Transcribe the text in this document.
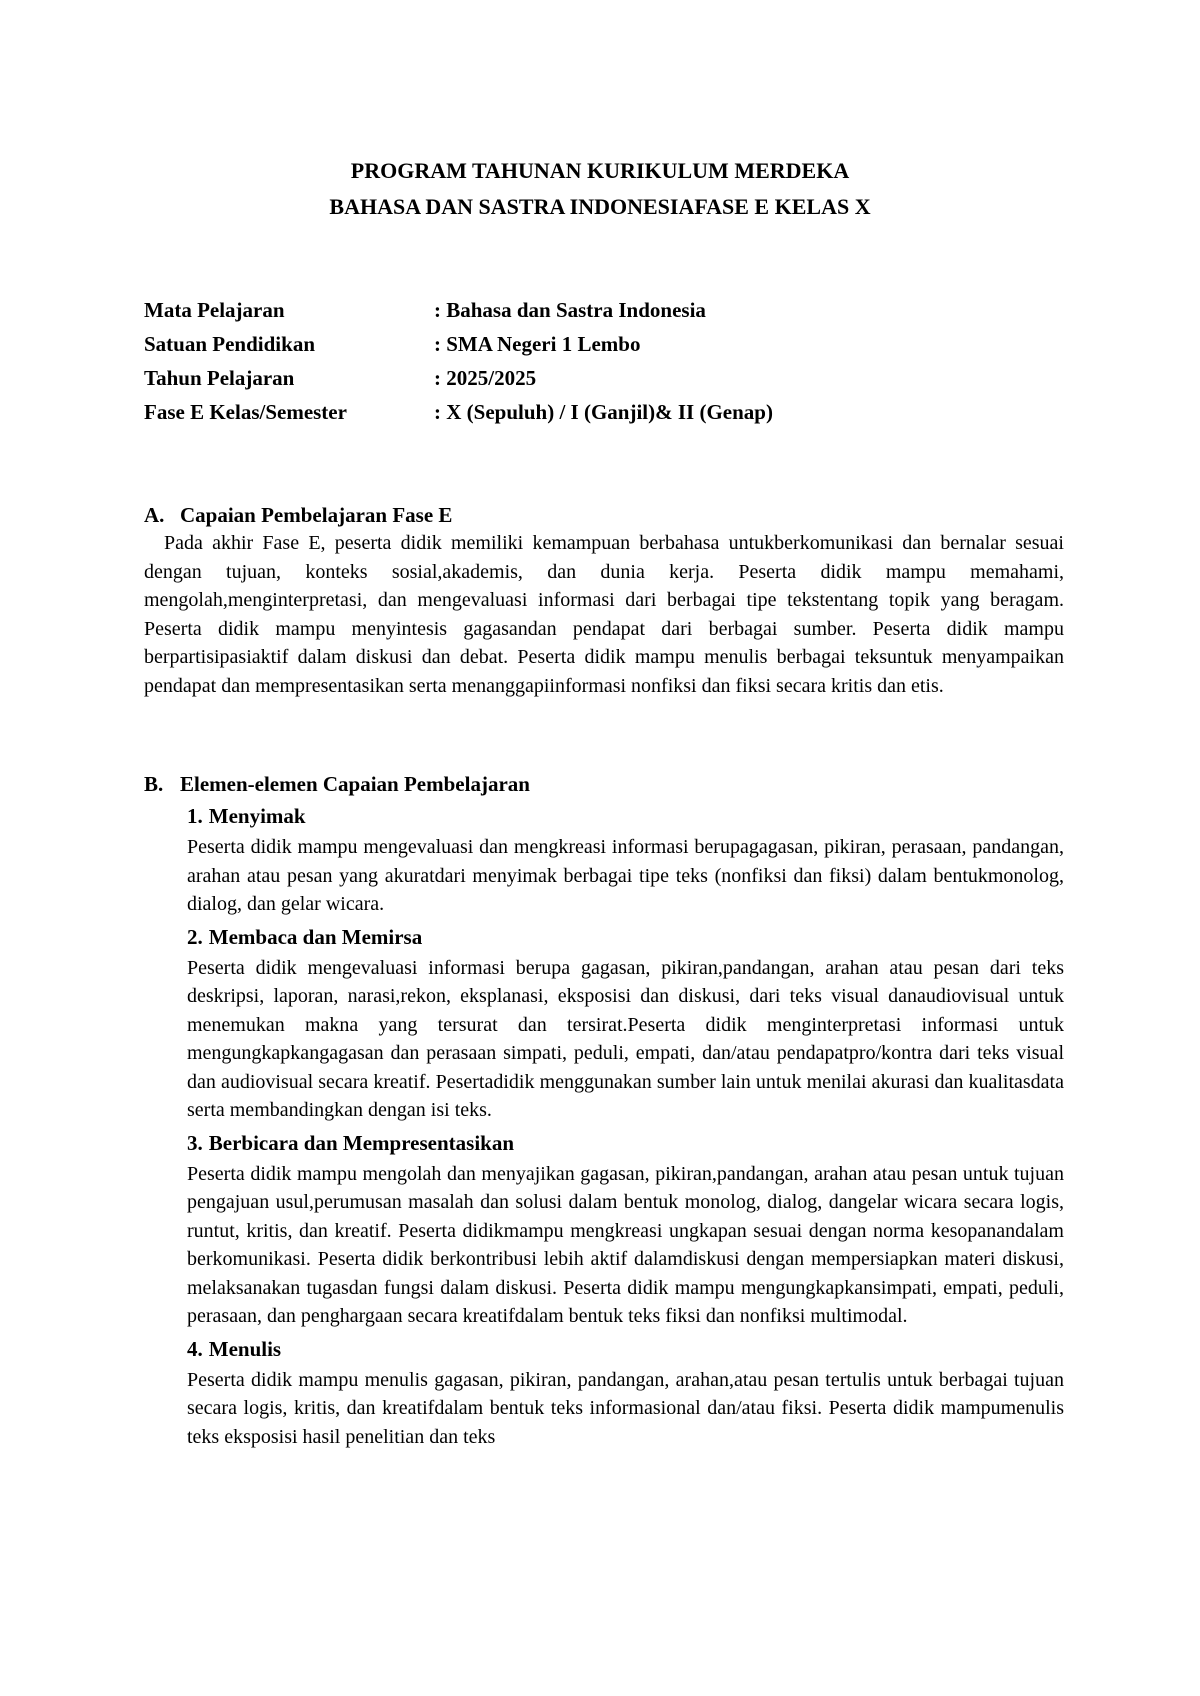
PROGRAM TAHUNAN KURIKULUM MERDEKA
BAHASA DAN SASTRA INDONESIAFASE E KELAS X
Mata Pelajaran	: Bahasa dan Sastra Indonesia
Satuan Pendidikan	: SMA Negeri 1 Lembo
Tahun Pelajaran	: 2025/2025
Fase E Kelas/Semester	: X (Sepuluh) / I (Ganjil)& II (Genap)
A. Capaian Pembelajaran Fase E

Pada akhir Fase E, peserta didik memiliki kemampuan berbahasa untukberkomunikasi dan bernalar sesuai dengan tujuan, konteks sosial,akademis, dan dunia kerja. Peserta didik mampu memahami, mengolah,menginterpretasi, dan mengevaluasi informasi dari berbagai tipe tekstentang topik yang beragam. Peserta didik mampu menyintesis gagasandan pendapat dari berbagai sumber. Peserta didik mampu berpartisipasiaktif dalam diskusi dan debat. Peserta didik mampu menulis berbagai teksuntuk menyampaikan pendapat dan mempresentasikan serta menanggapiinformasi nonfiksi dan fiksi secara kritis dan etis.

B. Elemen-elemen Capaian Pembelajaran
1. Menyimak

Peserta didik mampu mengevaluasi dan mengkreasi informasi berupagagasan, pikiran, perasaan, pandangan, arahan atau pesan yang akuratdari menyimak berbagai tipe teks (nonfiksi dan fiksi) dalam bentukmonolog, dialog, dan gelar wicara.

2. Membaca dan Memirsa

Peserta didik mengevaluasi informasi berupa gagasan, pikiran,pandangan, arahan atau pesan dari teks deskripsi, laporan, narasi,rekon, eksplanasi, eksposisi dan diskusi, dari teks visual danaudiovisual untuk menemukan makna yang tersurat dan tersirat.Peserta didik menginterpretasi informasi untuk mengungkapkangagasan dan perasaan simpati, peduli, empati, dan/atau pendapatpro/kontra dari teks visual dan audiovisual secara kreatif. Pesertadidik menggunakan sumber lain untuk menilai akurasi dan kualitasdata serta membandingkan dengan isi teks.

3. Berbicara dan Mempresentasikan

Peserta didik mampu mengolah dan menyajikan gagasan, pikiran,pandangan, arahan atau pesan untuk tujuan pengajuan usul,perumusan masalah dan solusi dalam bentuk monolog, dialog, dangelar wicara secara logis, runtut, kritis, dan kreatif. Peserta didikmampu mengkreasi ungkapan sesuai dengan norma kesopanandalam berkomunikasi. Peserta didik berkontribusi lebih aktif dalamdiskusi dengan mempersiapkan materi diskusi, melaksanakan tugasdan fungsi dalam diskusi. Peserta didik mampu mengungkapkansimpati, empati, peduli, perasaan, dan penghargaan secara kreatifdalam bentuk teks fiksi dan nonfiksi multimodal.

4. Menulis

Peserta didik mampu menulis gagasan, pikiran, pandangan, arahan,atau pesan tertulis untuk berbagai tujuan secara logis, kritis, dan kreatifdalam bentuk teks informasional dan/atau fiksi. Peserta didik mampumenulis teks eksposisi hasil penelitian dan teks
